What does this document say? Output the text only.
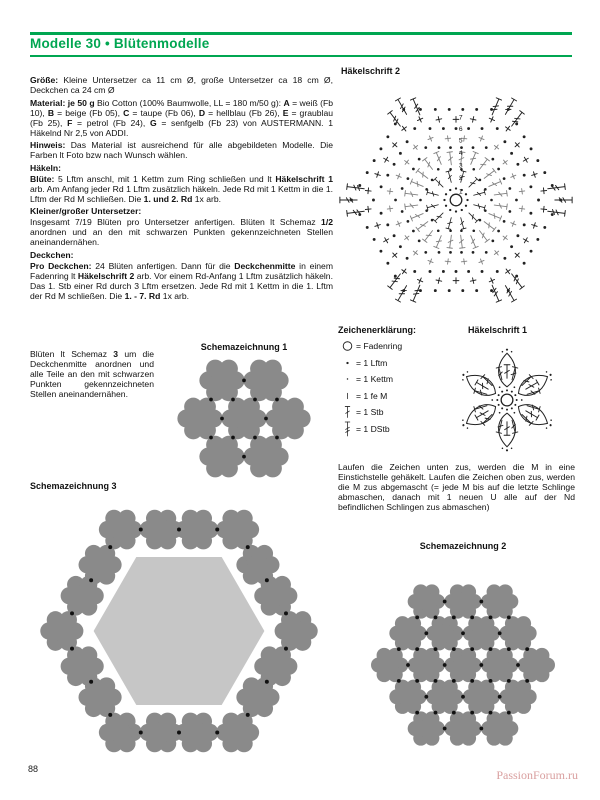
Modelle 30 • Blütenmodelle
Größe: Kleine Untersetzer ca 11 cm Ø, große Untersetzer ca 18 cm Ø, Deckchen ca 24 cm Ø
Material: je 50 g Bio Cotton (100% Baumwolle, LL = 180 m/50 g): A = weiß (Fb 10), B = beige (Fb 05), C = taupe (Fb 06), D = hellblau (Fb 26), E = graublau (Fb 25), F = petrol (Fb 24), G = senfgelb (Fb 23) von AUSTERMANN. 1 Häkelnd Nr 2,5 von ADDI.
Hinweis: Das Material ist ausreichend für alle abgebildeten Modelle. Die Farben lt Foto bzw nach Wunsch wählen.
Häkeln:
Blüte: 5 Lftm anschl, mit 1 Kettm zum Ring schließen und lt Häkelschrift 1 arb. Am Anfang jeder Rd 1 Lftm zusätzlich häkeln. Jede Rd mit 1 Kettm in die 1. Lftm der Rd M schließen. Die 1. und 2. Rd 1x arb.
Kleiner/großer Untersetzer:
Insgesamt 7/19 Blüten pro Untersetzer anfertigen. Blüten lt Schemaz 1/2 anordnen und an den mit schwarzen Punkten gekennzeichneten Stellen aneinandernähen.
Deckchen:
Pro Deckchen: 24 Blüten anfertigen. Dann für die Deckchenmitte in einem Fadenring lt Häkelschrift 2 arb. Vor einem Rd-Anfang 1 Lftm zusätzlich häkeln. Das 1. Stb einer Rd durch 3 Lftm ersetzen. Jede Rd mit 1 Kettm in die 1. Lftm der Rd M schließen. Die 1. - 7. Rd 1x arb.
Blüten lt Schemaz 3 um die Deckchenmitte anordnen und alle Teile an den mit schwarzen Punkten gekennzeichneten Stellen aneinandernähen.
Häkelschrift 2
1
2
3
4
5
6
7
Zeichenerklärung:
= Fadenring
= 1 Lftm
= 1 Kettm
= 1 fe M
= 1 Stb
= 1 DStb
Häkelschrift 1
Laufen die Zeichen unten zus, werden die M in eine Einstichstelle gehäkelt. Laufen die Zeichen oben zus, werden die M zus abgemascht (= jede M bis auf die letzte Schlinge abmaschen, danach mit 1 neuen U alle auf der Nd befindlichen Schlingen zus abmaschen)
Schemazeichnung 1
Schemazeichnung 3
Schemazeichnung 2
88	PassionForum.ru
